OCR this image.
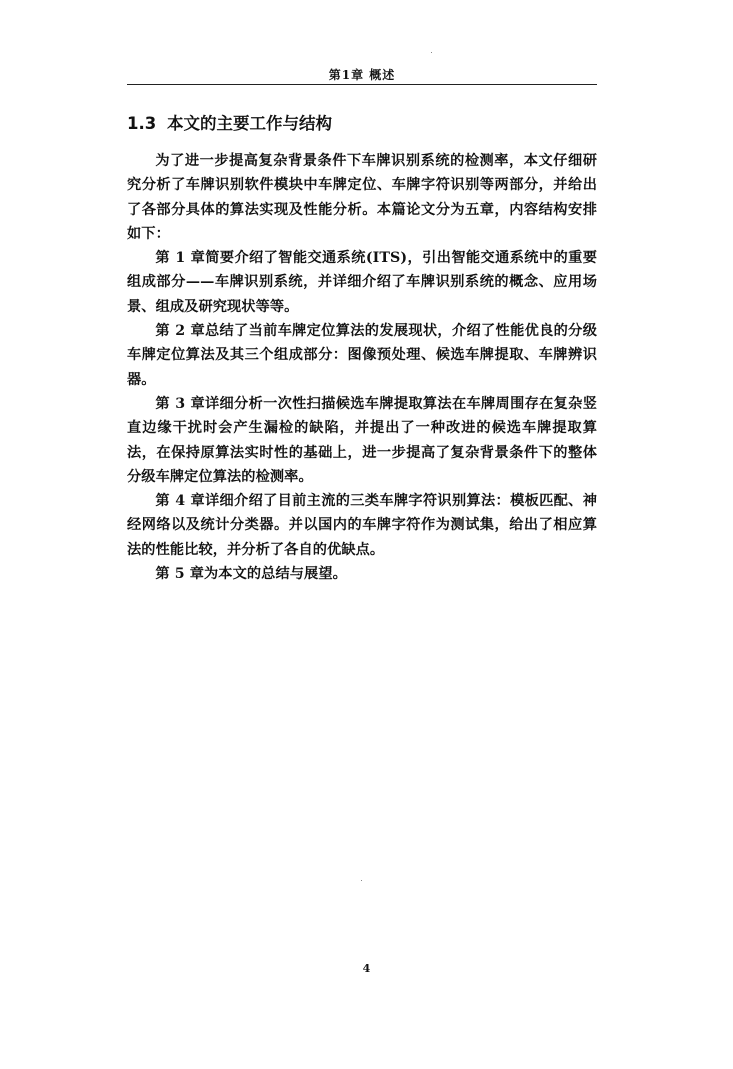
第1章 概述
1.3 本文的主要工作与结构

为了进一步提高复杂背景条件下车牌识别系统的检测率，本文仔细研究分析了车牌识别软件模块中车牌定位、车牌字符识别等两部分，并给出了各部分具体的算法实现及性能分析。本篇论文分为五章，内容结构安排如下：

第 1 章简要介绍了智能交通系统(ITS)，引出智能交通系统中的重要组成部分——车牌识别系统，并详细介绍了车牌识别系统的概念、应用场景、组成及研究现状等等。

第 2 章总结了当前车牌定位算法的发展现状，介绍了性能优良的分级车牌定位算法及其三个组成部分：图像预处理、候选车牌提取、车牌辨识器。

第 3 章详细分析一次性扫描候选车牌提取算法在车牌周围存在复杂竖直边缘干扰时会产生漏检的缺陷，并提出了一种改进的候选车牌提取算法，在保持原算法实时性的基础上，进一步提高了复杂背景条件下的整体分级车牌定位算法的检测率。

第 4 章详细介绍了目前主流的三类车牌字符识别算法：模板匹配、神经网络以及统计分类器。并以国内的车牌字符作为测试集，给出了相应算法的性能比较，并分析了各自的优缺点。

第 5 章为本文的总结与展望。

4
